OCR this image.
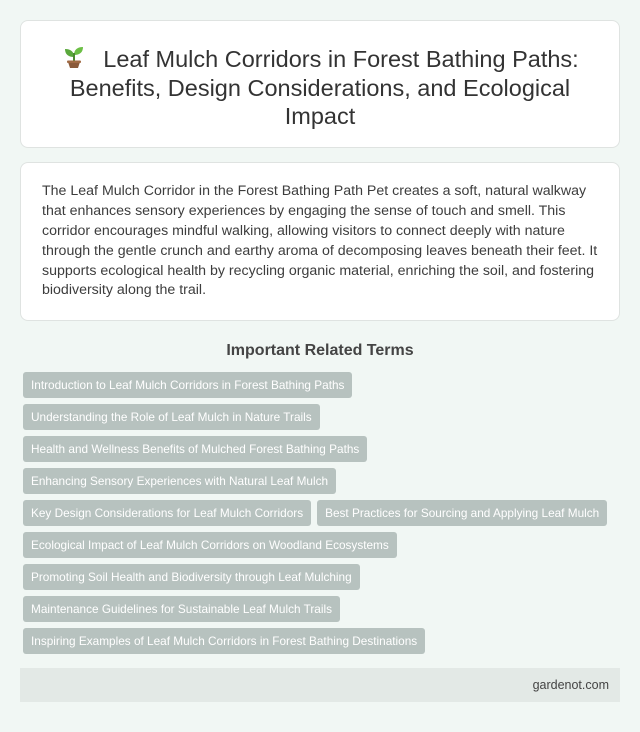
Leaf Mulch Corridors in Forest Bathing Paths: Benefits, Design Considerations, and Ecological Impact

The Leaf Mulch Corridor in the Forest Bathing Path Pet creates a soft, natural walkway that enhances sensory experiences by engaging the sense of touch and smell. This corridor encourages mindful walking, allowing visitors to connect deeply with nature through the gentle crunch and earthy aroma of decomposing leaves beneath their feet. It supports ecological health by recycling organic material, enriching the soil, and fostering biodiversity along the trail.

Important Related Terms
Introduction to Leaf Mulch Corridors in Forest Bathing Paths
Understanding the Role of Leaf Mulch in Nature Trails
Health and Wellness Benefits of Mulched Forest Bathing Paths
Enhancing Sensory Experiences with Natural Leaf Mulch
Key Design Considerations for Leaf Mulch Corridors	Best Practices for Sourcing and Applying Leaf Mulch
Ecological Impact of Leaf Mulch Corridors on Woodland Ecosystems
Promoting Soil Health and Biodiversity through Leaf Mulching
Maintenance Guidelines for Sustainable Leaf Mulch Trails
Inspiring Examples of Leaf Mulch Corridors in Forest Bathing Destinations
gardenot.com
